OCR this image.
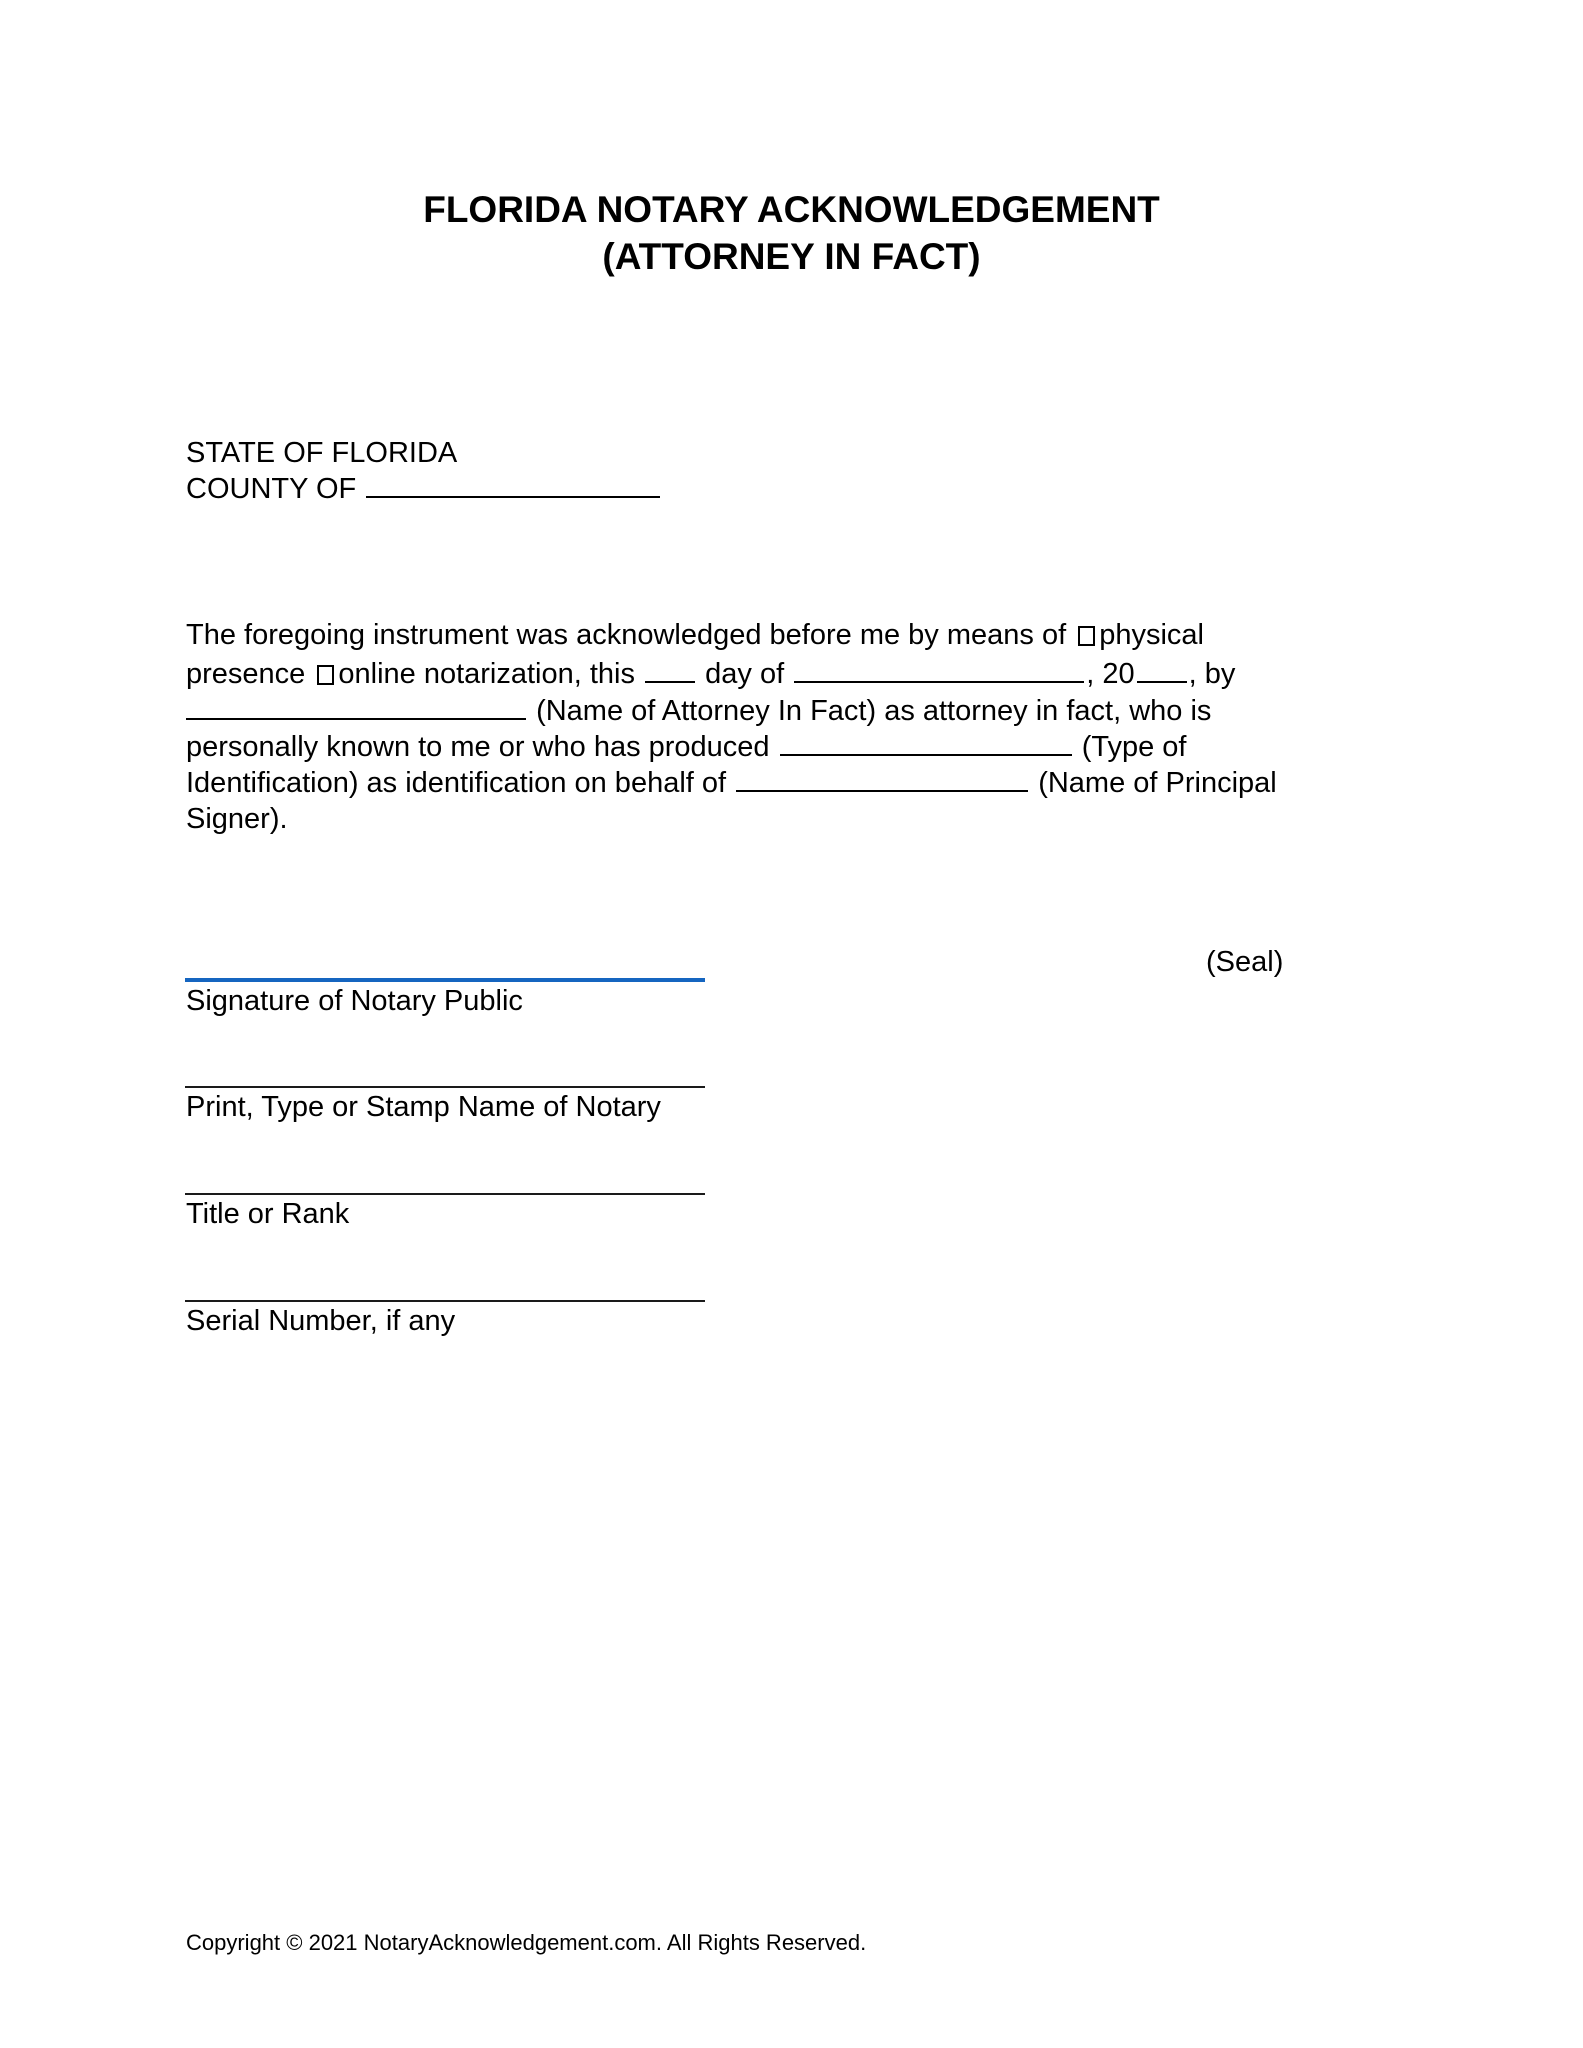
FLORIDA NOTARY ACKNOWLEDGEMENT
(ATTORNEY IN FACT)
STATE OF FLORIDA
COUNTY OF
The foregoing instrument was acknowledged before me by means of physical
presence online notarization, this day of	, 20 , by
(Name of Attorney In Fact) as attorney in fact, who is
personally known to me or who has produced	(Type of
Identification) as identification on behalf of	(Name of Principal
Signer).
(Seal)
Signature of Notary Public
Print, Type or Stamp Name of Notary
Title or Rank
Serial Number, if any
Copyright © 2021 NotaryAcknowledgement.com. All Rights Reserved.
